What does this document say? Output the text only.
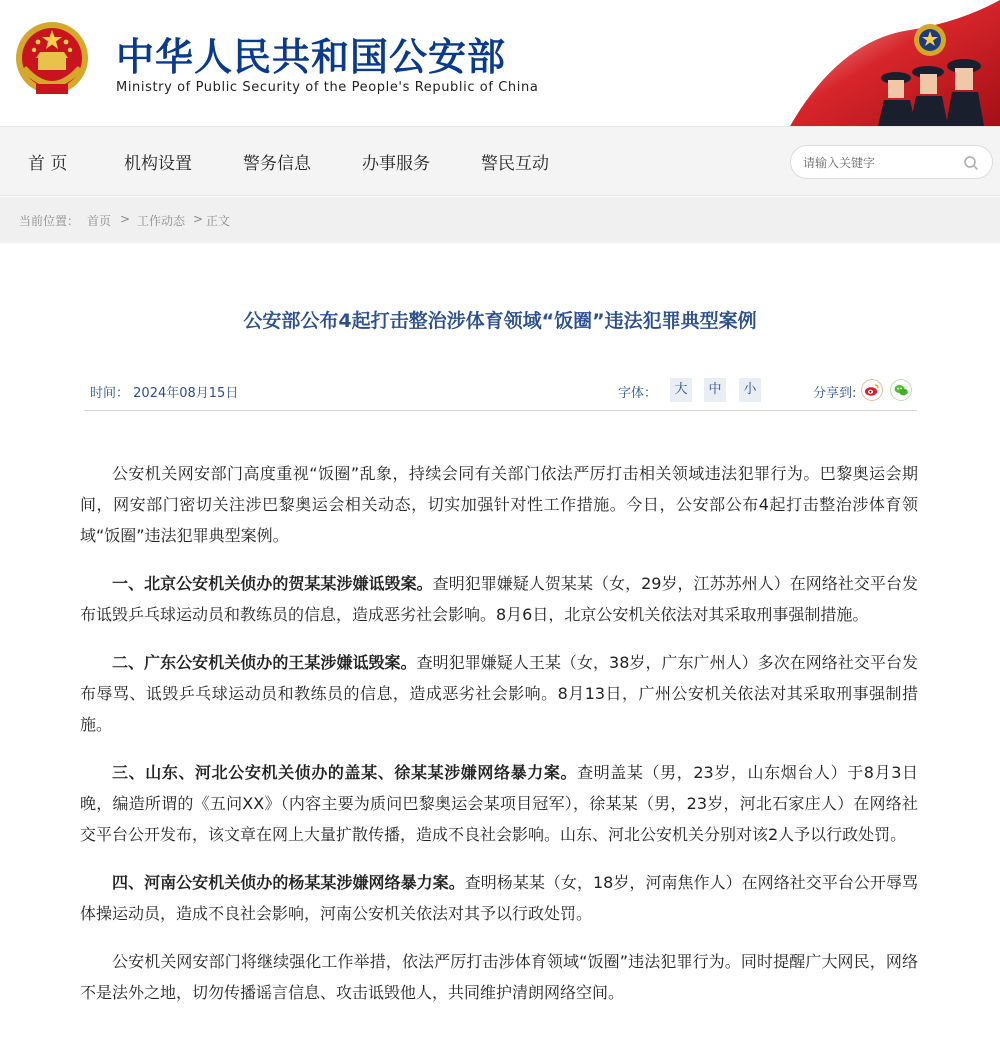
中华人民共和国公安部
Ministry of Public Security of the People's Republic of China
首 页	机构设置	警务信息	办事服务	警民互动
请输入关键字
当前位置： 首页 > 工作动态 > 正文
公安部公布4起打击整治涉体育领域“饭圈”违法犯罪典型案例
时间： 2024年08月15日	字体：	大	中	小	分享到:

公安机关网安部门高度重视“饭圈”乱象，持续会同有关部门依法严厉打击相关领域违法犯罪行为。巴黎奥运会期间，网安部门密切关注涉巴黎奥运会相关动态，切实加强针对性工作措施。今日，公安部公布4起打击整治涉体育领域“饭圈”违法犯罪典型案例。

一、北京公安机关侦办的贺某某涉嫌诋毁案。查明犯罪嫌疑人贺某某（女，29岁，江苏苏州人）在网络社交平台发布诋毁乒乓球运动员和教练员的信息，造成恶劣社会影响。8月6日，北京公安机关依法对其采取刑事强制措施。

二、广东公安机关侦办的王某涉嫌诋毁案。查明犯罪嫌疑人王某（女，38岁，广东广州人）多次在网络社交平台发布辱骂、诋毁乒乓球运动员和教练员的信息，造成恶劣社会影响。8月13日，广州公安机关依法对其采取刑事强制措施。

三、山东、河北公安机关侦办的盖某、徐某某涉嫌网络暴力案。查明盖某（男，23岁，山东烟台人）于8月3日晚，编造所谓的《五问XX》（内容主要为质问巴黎奥运会某项目冠军），徐某某（男，23岁，河北石家庄人）在网络社交平台公开发布，该文章在网上大量扩散传播，造成不良社会影响。山东、河北公安机关分别对该2人予以行政处罚。

四、河南公安机关侦办的杨某某涉嫌网络暴力案。查明杨某某（女，18岁，河南焦作人）在网络社交平台公开辱骂体操运动员，造成不良社会影响，河南公安机关依法对其予以行政处罚。

公安机关网安部门将继续强化工作举措，依法严厉打击涉体育领域“饭圈”违法犯罪行为。同时提醒广大网民，网络不是法外之地，切勿传播谣言信息、攻击诋毁他人，共同维护清朗网络空间。
